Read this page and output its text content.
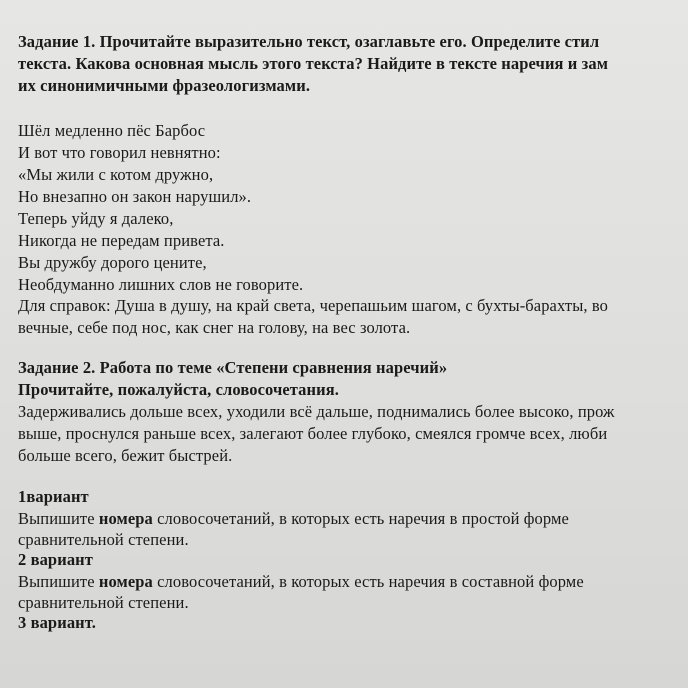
Задание 1. Прочитайте выразительно текст, озаглавьте его. Определите стил
текста. Какова основная мысль этого текста? Найдите в тексте наречия и зам
их синонимичными фразеологизмами.
Шёл медленно пёс Барбос
И вот что говорил невнятно:
«Мы жили с котом дружно,
Но внезапно он закон нарушил».
Теперь уйду я далеко,
Никогда не передам привета.
Вы дружбу дорого цените,
Необдуманно лишних слов не говорите.
Для справок: Душа в душу, на край света, черепашьим шагом, с бухты-барахты, во
вечные, себе под нос, как снег на голову, на вес золота.
Задание 2. Работа по теме «Степени сравнения наречий»
Прочитайте, пожалуйста, словосочетания.
Задерживались дольше всех, уходили всё дальше, поднимались более высоко, прож
выше, проснулся раньше всех, залегают более глубоко, смеялся громче всех, люби
больше всего, бежит быстрей.
1вариант
Выпишите номера словосочетаний, в которых есть наречия в простой форме
сравнительной степени.
2 вариант
Выпишите номера словосочетаний, в которых есть наречия в составной форме
сравнительной степени.
3 вариант.
